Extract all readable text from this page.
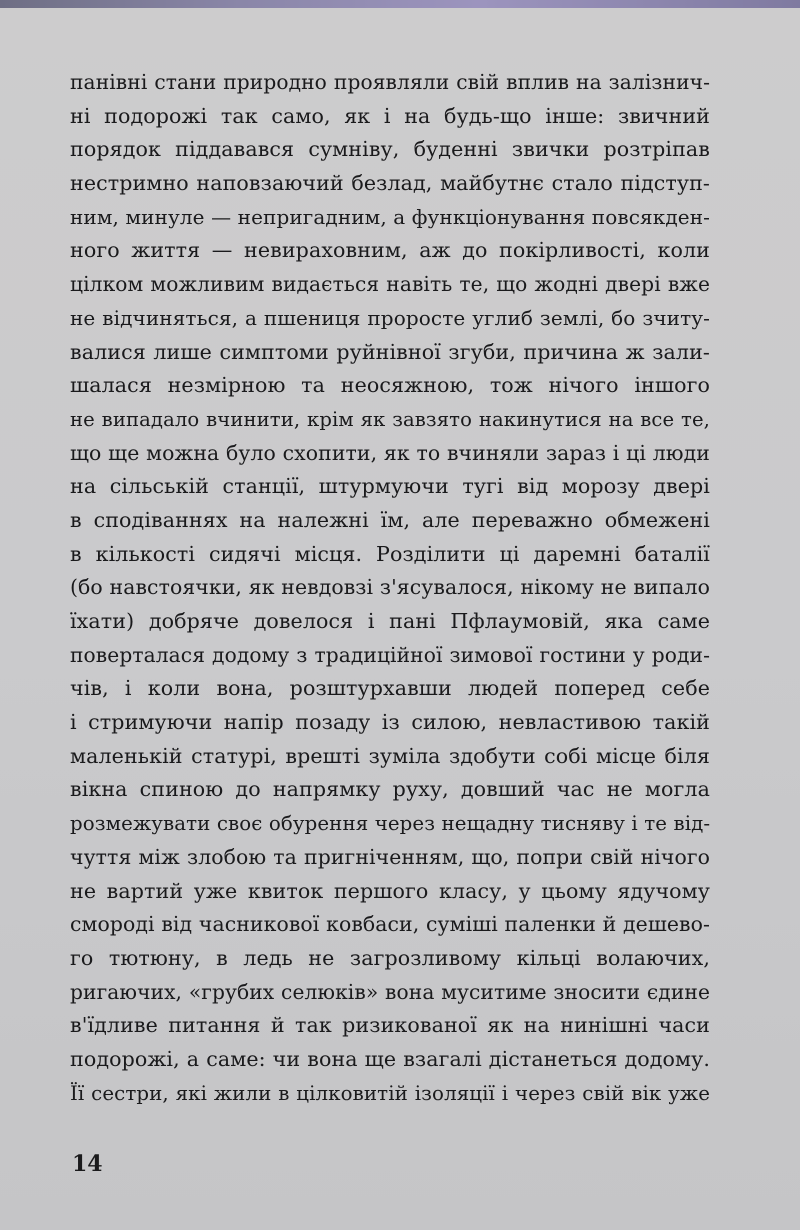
панівні стани природно проявляли свій вплив на залізнич-
ні подорожі так само, як і на будь-що інше: звичний
порядок піддавався сумніву, буденні звички розтріпав
нестримно наповзаючий безлад, майбутнє стало підступ-
ним, минуле — непригадним, а функціонування повсякден-
ного життя — невираховним, аж до покірливості, коли
цілком можливим видається навіть те, що жодні двері вже
не відчиняться, а пшениця проросте углиб землі, бо зчиту-
валися лише симптоми руйнівної згуби, причина ж зали-
шалася незмірною та неосяжною, тож нічого іншого
не випадало вчинити, крім як завзято накинутися на все те,
що ще можна було схопити, як то вчиняли зараз і ці люди
на сільській станції, штурмуючи тугі від морозу двері
в сподіваннях на належні їм, але переважно обмежені
в кількості сидячі місця. Розділити ці даремні баталії
(бо навстоячки, як невдовзі з'ясувалося, нікому не випало
їхати) добряче довелося і пані Пфлаумовій, яка саме
поверталася додому з традиційної зимової гостини у роди-
чів, і коли вона, розштурхавши людей поперед себе
і стримуючи напір позаду із силою, невластивою такій
маленькій статурі, врешті зуміла здобути собі місце біля
вікна спиною до напрямку руху, довший час не могла
розмежувати своє обурення через нещадну тисняву і те від-
чуття між злобою та пригніченням, що, попри свій нічого
не вартий уже квиток першого класу, у цьому ядучому
смороді від часникової ковбаси, суміші паленки й дешево-
го тютюну, в ледь не загрозливому кільці волаючих,
ригаючих, «грубих селюків» вона муситиме зносити єдине
в'їдливе питання й так ризикованої як на нинішні часи
подорожі, а саме: чи вона ще взагалі дістанеться додому.
Її сестри, які жили в цілковитій ізоляції і через свій вік уже
14
